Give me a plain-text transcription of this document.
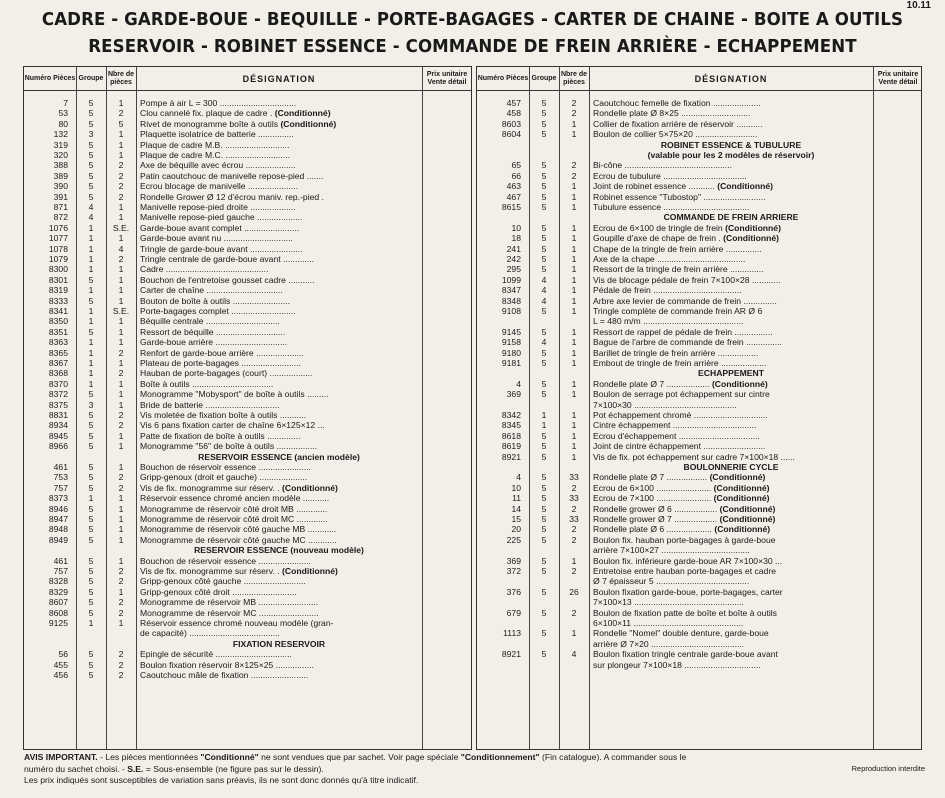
10.11
CADRE - GARDE-BOUE - BEQUILLE - PORTE-BAGAGES - CARTER DE CHAINE - BOITE A OUTILS
RESERVOIR - ROBINET ESSENCE - COMMANDE DE FREIN ARRIÈRE - ECHAPPEMENT
Numéro Pièces Groupe
Nbre de pièces	DÉSIGNATION	Prix unitaire Vente détail
7	5	1	Pompe à air L = 300 ................................
53	5	2	Clou cannelé fix. plaque de cadre . (Conditionné)
80	5	5	Rivet de monogramme boîte à outils (Conditionné)
132	3	1	Plaquette isolatrice de batterie ...............
319	5	1	Plaque de cadre M.B. ...........................
320	5	1	Plaque de cadre M.C. ...........................
388	5	2	Axe de béquille avec écrou .....................
389	5	2	Patin caoutchouc de manivelle repose-pied .......
390	5	2	Ecrou blocage de manivelle .....................
391	5	2	Rondelle Grower Ø 12 d'écrou maniv. rep.-pied .
871	4	1	Manivelle repose-pied droite ...................
872	4	1	Manivelle repose-pied gauche ...................
1076	1	S.E.	Garde-boue avant complet .......................
1077	1	1	Garde-boue avant nu .............................
1078	1	4	Tringle de garde-boue avant ......................
1079	1	2	Tringle centrale de garde-boue avant .............
8300	1	1	Cadre ...........................................
8301	5	1	Bouchon de l'entretoise gousset cadre ...........
8319	1	1	Carter de chaîne ................................
8333	5	1	Bouton de boîte à outils ........................
8341	1	S.E.	Porte-bagages complet ...........................
8350	1	1	Béquille centrale ...............................
8351	5	1	Ressort de béquille .............................
8363	1	1	Garde-boue arrière ..............................
8365	1	2	Renfort de garde-boue arrière ....................
8367	1	1	Plateau de porte-bagages .........................
8368	1	2	Hauban de porte-bagages (court) ..................
8370	1	1	Boîte à outils ..................................
8372	5	1	Monogramme "Mobysport" de boîte à outils .........
8375	3	1	Bride de batterie ...............................
8831	5	2	Vis moletée de fixation boîte à outils ...........
8934	5	2	Vis 6 pans fixation carter de chaîne 6×125×12 ...
8945	5	1	Patte de fixation de boîte à outils ..............
8966	5	1	Monogramme "56" de boîte à outils .................
RESERVOIR ESSENCE (ancien modèle)
461	5	1	Bouchon de réservoir essence ......................
753	5	2	Gripp-genoux (droit et gauche) ....................
757	5	2	Vis de fix. monogramme sur réserv. . (Conditionné)
8373	1	1	Réservoir essence chromé ancien modèle ...........
8946	5	1	Monogramme de réservoir côté droit MB .............
8947	5	1	Monogramme de réservoir côté droit MC .............
8948	5	1	Monogramme de réservoir côté gauche MB ............
8949	5	1	Monogramme de réservoir côté gauche MC ............
RESERVOIR ESSENCE (nouveau modèle)
461	5	1	Bouchon de réservoir essence ......................
757	5	2	Vis de fix. monogramme sur réserv. . (Conditionné)
8328	5	2	Gripp-genoux côté gauche ..........................
8329	5	1	Gripp-genoux côté droit ...........................
8607	5	2	Monogramme de réservoir MB .........................
8608	5	2	Monogramme de réservoir MC .........................
9125	1	1	Réservoir essence chromé nouveau modèle (gran-
de capacité) ......................................
FIXATION RESERVOIR
56	5	2	Epingle de sécurité ................................
455	5	2	Boulon fixation réservoir 8×125×25 ................
456	5	2	Caoutchouc mâle de fixation ........................
Numéro Pièces Groupe
Nbre de pièces	DÉSIGNATION	Prix unitaire Vente détail
457	5	2	Caoutchouc femelle de fixation ....................
458	5	2	Rondelle plate Ø 8×25 .............................
8603	5	1	Collier de fixation arrière de réservoir ...........
8604	5	1	Boulon de collier 5×75×20 ..........................
ROBINET ESSENCE & TUBULURE
(valable pour les 2 modèles de réservoir)
65	5	2	Bi-cône .............................................
66	5	2	Ecrou de tubulure ...................................
463	5	1	Joint de robinet essence ........... (Conditionné)
467	5	1	Robinet essence "Tubostop" ..........................
8615	5	1	Tubulure essence ....................................
COMMANDE DE FREIN ARRIERE
10	5	1	Ecrou de 6×100 de tringle de frein (Conditionné)
18	5	1	Goupille d'axe de chape de frein . (Conditionné)
241	5	1	Chape de la tringle de frein arrière ...............
242	5	1	Axe de la chape .....................................
295	5	1	Ressort de la tringle de frein arrière ..............
1099	4	1	Vis de blocage pédale de frein 7×100×28 ............
8347	4	1	Pédale de frein .....................................
8348	4	1	Arbre axe levier de commande de frein ..............
9108	5	1	Tringle complète de commande frein AR Ø 6
L = 480 m/m ..........................................
9145	5	1	Ressort de rappel de pédale de frein ................
9158	4	1	Bague de l'arbre de commande de frein ...............
9180	5	1	Barillet de tringle de frein arrière .................
9181	5	1	Embout de tringle de frein arrière ...................
ECHAPPEMENT
4	5	1	Rondelle plate Ø 7 .................. (Conditionné)
369	5	1	Boulon de serrage pot échappement sur cintre
7×100×30 ...........................................
8342	1	1	Pot échappement chromé ...............................
8345	1	1	Cintre échappement ...................................
8618	5	1	Ecrou d'échappement ..................................
8619	5	1	Joint de cintre échappement ..........................
8921	5	1	Vis de fix. pot échappement sur cadre 7×100×18 ......
BOULONNERIE CYCLE
4	5	33	Rondelle plate Ø 7 ................. (Conditionné)
10	5	2	Ecrou de 6×100 ....................... (Conditionné)
11	5	33	Ecrou de 7×100 ....................... (Conditionné)
14	5	2	Rondelle grower Ø 6 .................. (Conditionné)
15	5	33	Rondelle grower Ø 7 .................. (Conditionné)
20	5	2	Rondelle plate Ø 6 ................... (Conditionné)
225	5	2	Boulon fix. hauban porte-bagages à garde-boue
arrière 7×100×27 .....................................
369	5	1	Boulon fix. inférieure garde-boue AR 7×100×30 ...
372	5	2	Entretoise entre hauban porte-bagages et cadre
Ø 7 épaisseur 5 .......................................
376	5	26	Boulon fixation garde-boue, porte-bagages, carter
7×100×13 ..............................................
679	5	2	Boulon de fixation patte de boîte et boîte à outils
6×100×11 ..............................................
1113	5	1	Rondelle "Nomel" double denture, garde-boue
arrière Ø 7×20 .......................................
8921	5	4	Boulon fixation tringle centrale garde-boue avant
sur plongeur 7×100×18 ................................
AVIS IMPORTANT. - Les pièces mentionnées "Conditionné" ne sont vendues que par sachet. Voir page spéciale "Conditionnement" (Fin catalogue). A commander sous le
numéro du sachet choisi. - S.E. = Sous-ensemble (ne figure pas sur le dessin).
Les prix indiqués sont susceptibles de variation sans préavis, ils ne sont donc donnés qu'à titre indicatif.
Reproduction interdite
